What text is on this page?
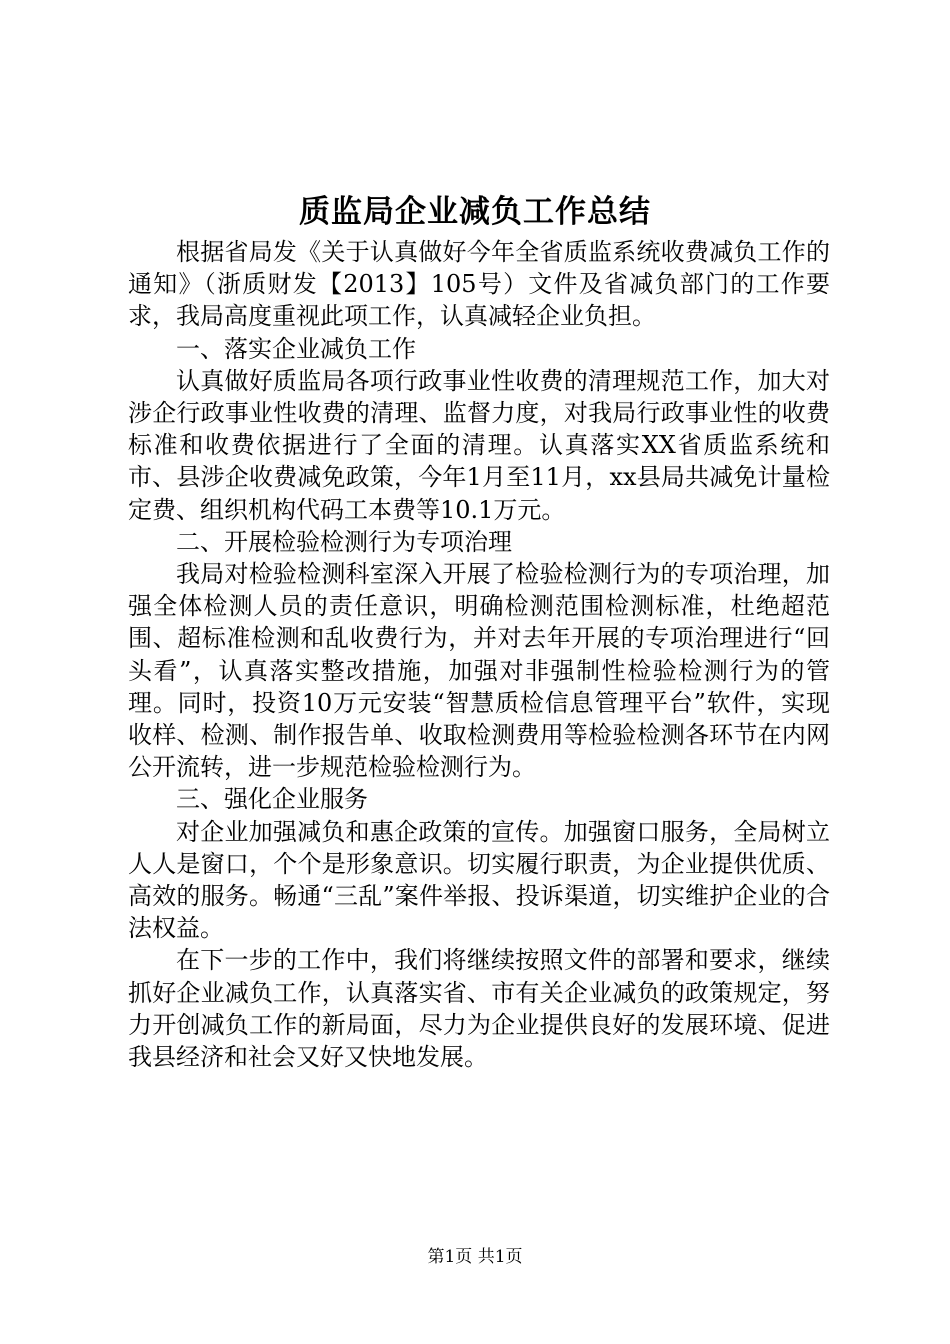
质监局企业减负工作总结

根据省局发《关于认真做好今年全省质监系统收费减负工作的通知》（浙质财发【2013】105号）文件及省减负部门的工作要求，我局高度重视此项工作，认真减轻企业负担。

一、落实企业减负工作

认真做好质监局各项行政事业性收费的清理规范工作，加大对涉企行政事业性收费的清理、监督力度，对我局行政事业性的收费标准和收费依据进行了全面的清理。认真落实XX省质监系统和市、县涉企收费减免政策，今年1月至11月，xx县局共减免计量检定费、组织机构代码工本费等10.1万元。

二、开展检验检测行为专项治理

我局对检验检测科室深入开展了检验检测行为的专项治理，加强全体检测人员的责任意识，明确检测范围检测标准，杜绝超范围、超标准检测和乱收费行为，并对去年开展的专项治理进行“回头看”，认真落实整改措施，加强对非强制性检验检测行为的管理。同时，投资10万元安装“智慧质检信息管理平台”软件，实现收样、检测、制作报告单、收取检测费用等检验检测各环节在内网公开流转，进一步规范检验检测行为。

三、强化企业服务

对企业加强减负和惠企政策的宣传。加强窗口服务，全局树立人人是窗口，个个是形象意识。切实履行职责，为企业提供优质、高效的服务。畅通“三乱”案件举报、投诉渠道，切实维护企业的合法权益。

在下一步的工作中，我们将继续按照文件的部署和要求，继续抓好企业减负工作，认真落实省、市有关企业减负的政策规定，努力开创减负工作的新局面，尽力为企业提供良好的发展环境、促进我县经济和社会又好又快地发展。

第1页 共1页
